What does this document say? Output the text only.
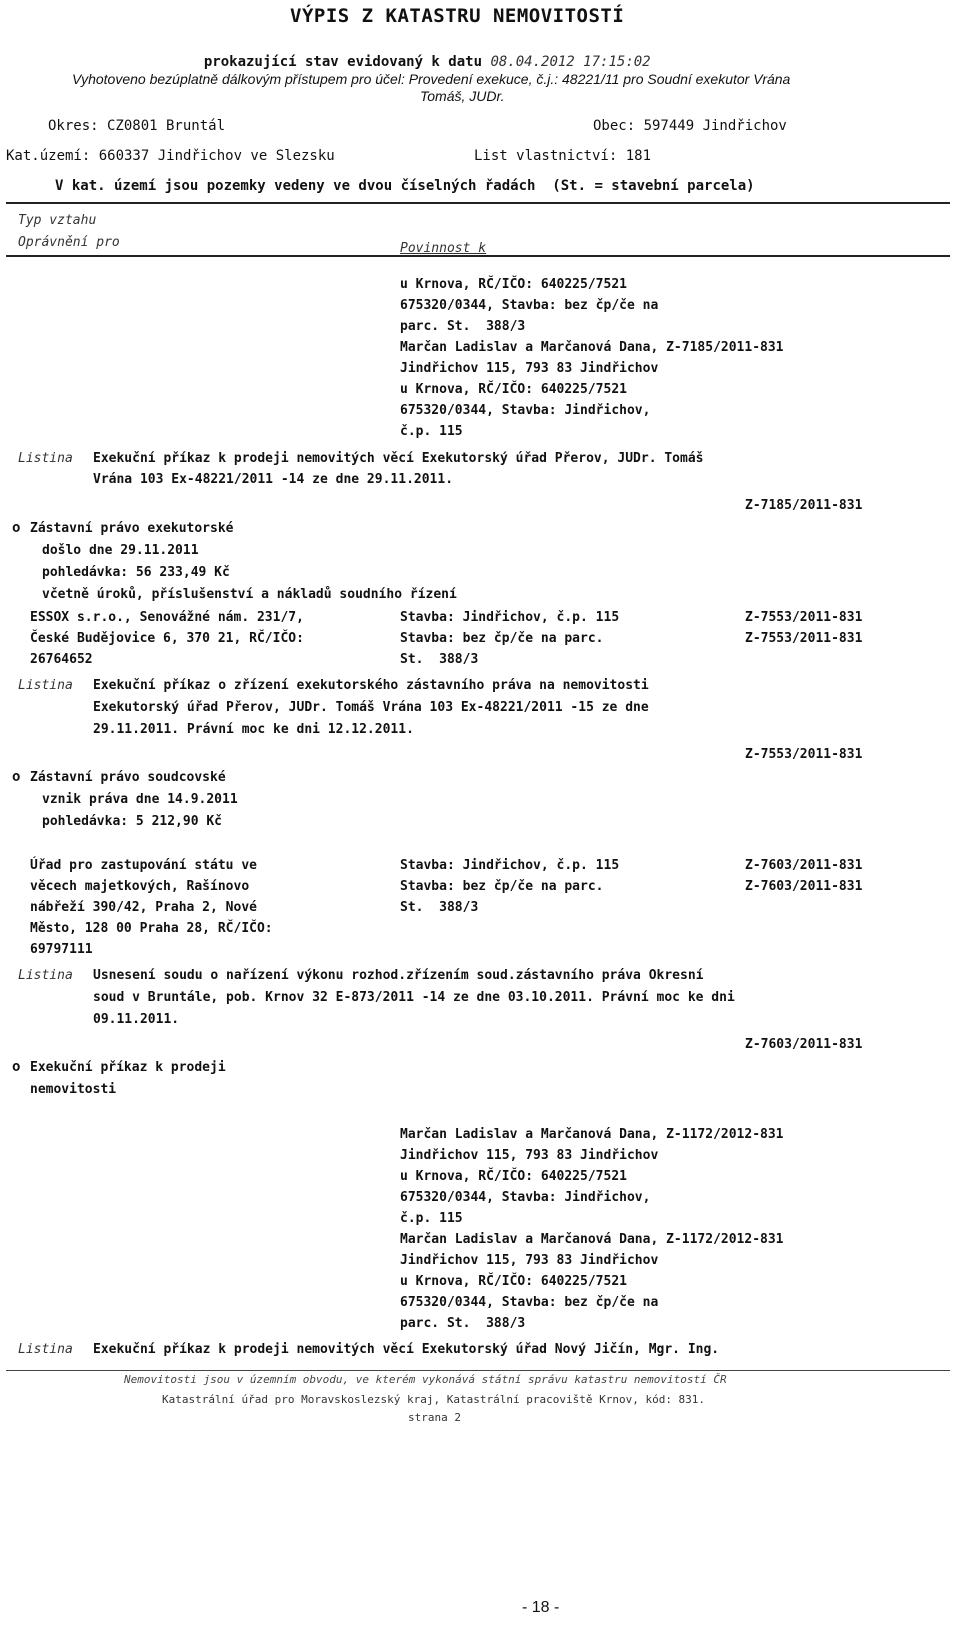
VÝPIS Z KATASTRU NEMOVITOSTÍ

prokazující stav evidovaný k datu 08.04.2012 17:15:02

Vyhotoveno bezúplatně dálkovým přístupem pro účel: Provedení exekuce, č.j.: 48221/11 pro Soudní exekutor Vrána
Tomáš, JUDr.
Okres: CZ0801 Bruntál	Obec: 597449 Jindřichov
Kat.území: 660337 Jindřichov ve Slezsku	List vlastnictví: 181
V kat. území jsou pozemky vedeny ve dvou číselných řadách  (St. = stavební parcela)
Typ vztahu
Oprávnění pro	Povinnost k
u Krnova, RČ/IČO: 640225/7521
675320/0344, Stavba: bez čp/če na
parc. St.  388/3
Marčan Ladislav a Marčanová Dana, Z-7185/2011-831
Jindřichov 115, 793 83 Jindřichov
u Krnova, RČ/IČO: 640225/7521
675320/0344, Stavba: Jindřichov,
č.p. 115
Listina Exekuční příkaz k prodeji nemovitých věcí Exekutorský úřad Přerov, JUDr. Tomáš
Vrána 103 Ex-48221/2011 -14 ze dne 29.11.2011.
Z-7185/2011-831
o Zástavní právo exekutorské
došlo dne 29.11.2011
pohledávka: 56 233,49 Kč
včetně úroků, příslušenství a nákladů soudního řízení
ESSOX s.r.o., Senovážné nám. 231/7,	Stavba: Jindřichov, č.p. 115	Z-7553/2011-831
České Budějovice 6, 370 21, RČ/IČO:	Stavba: bez čp/če na parc.	Z-7553/2011-831
26764652	St.  388/3
Listina Exekuční příkaz o zřízení exekutorského zástavního práva na nemovitosti
Exekutorský úřad Přerov, JUDr. Tomáš Vrána 103 Ex-48221/2011 -15 ze dne
29.11.2011. Právní moc ke dni 12.12.2011.
Z-7553/2011-831
o Zástavní právo soudcovské
vznik práva dne 14.9.2011
pohledávka: 5 212,90 Kč
Úřad pro zastupování státu ve	Stavba: Jindřichov, č.p. 115	Z-7603/2011-831
věcech majetkových, Rašínovo	Stavba: bez čp/če na parc.	Z-7603/2011-831
nábřeží 390/42, Praha 2, Nové	St.  388/3
Město, 128 00 Praha 28, RČ/IČO:
69797111
Listina Usnesení soudu o nařízení výkonu rozhod.zřízením soud.zástavního práva Okresní
soud v Bruntále, pob. Krnov 32 E-873/2011 -14 ze dne 03.10.2011. Právní moc ke dni
09.11.2011.
Z-7603/2011-831
o Exekuční příkaz k prodeji
nemovitosti
Marčan Ladislav a Marčanová Dana, Z-1172/2012-831
Jindřichov 115, 793 83 Jindřichov
u Krnova, RČ/IČO: 640225/7521
675320/0344, Stavba: Jindřichov,
č.p. 115
Marčan Ladislav a Marčanová Dana, Z-1172/2012-831
Jindřichov 115, 793 83 Jindřichov
u Krnova, RČ/IČO: 640225/7521
675320/0344, Stavba: bez čp/če na
parc. St.  388/3
Listina Exekuční příkaz k prodeji nemovitých věcí Exekutorský úřad Nový Jičín, Mgr. Ing.
Nemovitosti jsou v územním obvodu, ve kterém vykonává státní správu katastru nemovitostí ČR
Katastrální úřad pro Moravskoslezský kraj, Katastrální pracoviště Krnov, kód: 831.
strana 2
- 18 -
